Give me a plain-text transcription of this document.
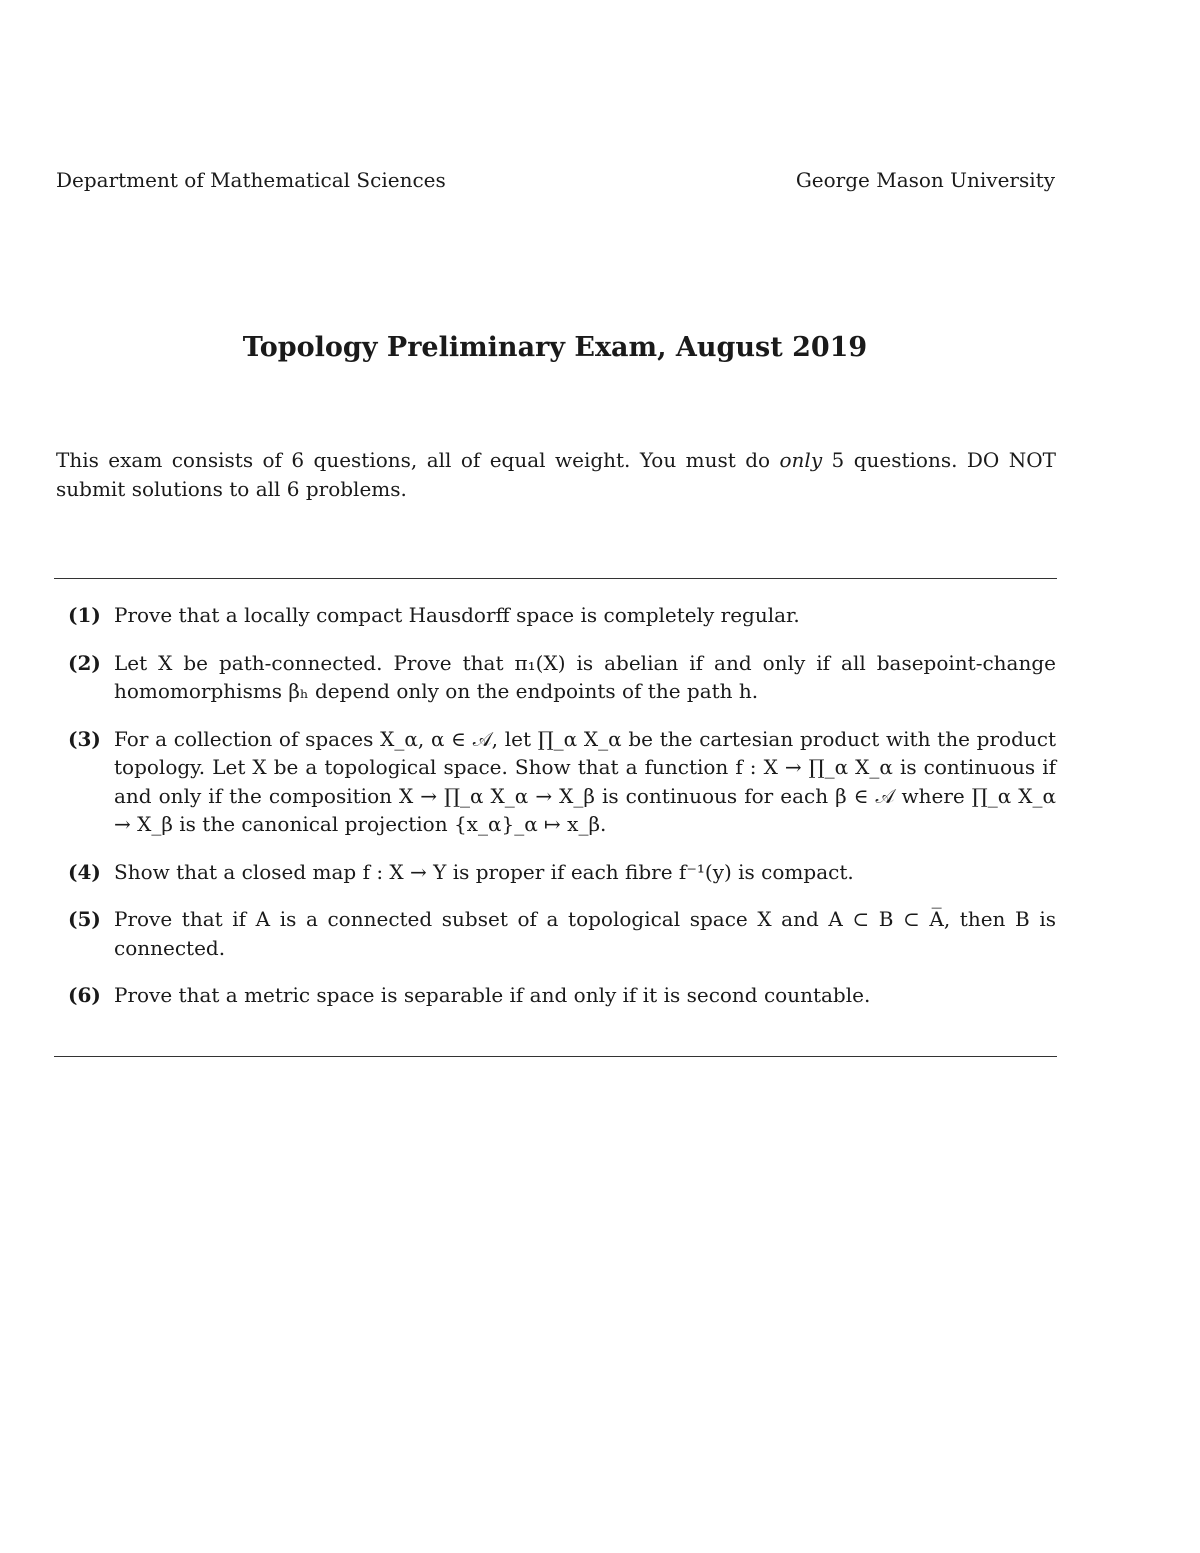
Department of Mathematical Sciences	George Mason University
Topology Preliminary Exam, August 2019
This exam consists of 6 questions, all of equal weight. You must do only 5 questions. DO NOT submit solutions to all 6 problems.
(1) Prove that a locally compact Hausdorff space is completely regular.
(2) Let X be path-connected. Prove that π₁(X) is abelian if and only if all basepoint-change homomorphisms βₕ depend only on the endpoints of the path h.
(3) For a collection of spaces X_α, α ∈ 𝒜, let ∏_α X_α be the cartesian product with the product topology. Let X be a topological space. Show that a function f : X → ∏_α X_α is continuous if and only if the composition X → ∏_α X_α → X_β is continuous for each β ∈ 𝒜 where ∏_α X_α → X_β is the canonical projection {x_α}_α ↦ x_β.
(4) Show that a closed map f : X → Y is proper if each fibre f⁻¹(y) is compact.
(5) Prove that if A is a connected subset of a topological space X and A ⊂ B ⊂ A̅, then B is connected.
(6) Prove that a metric space is separable if and only if it is second countable.
